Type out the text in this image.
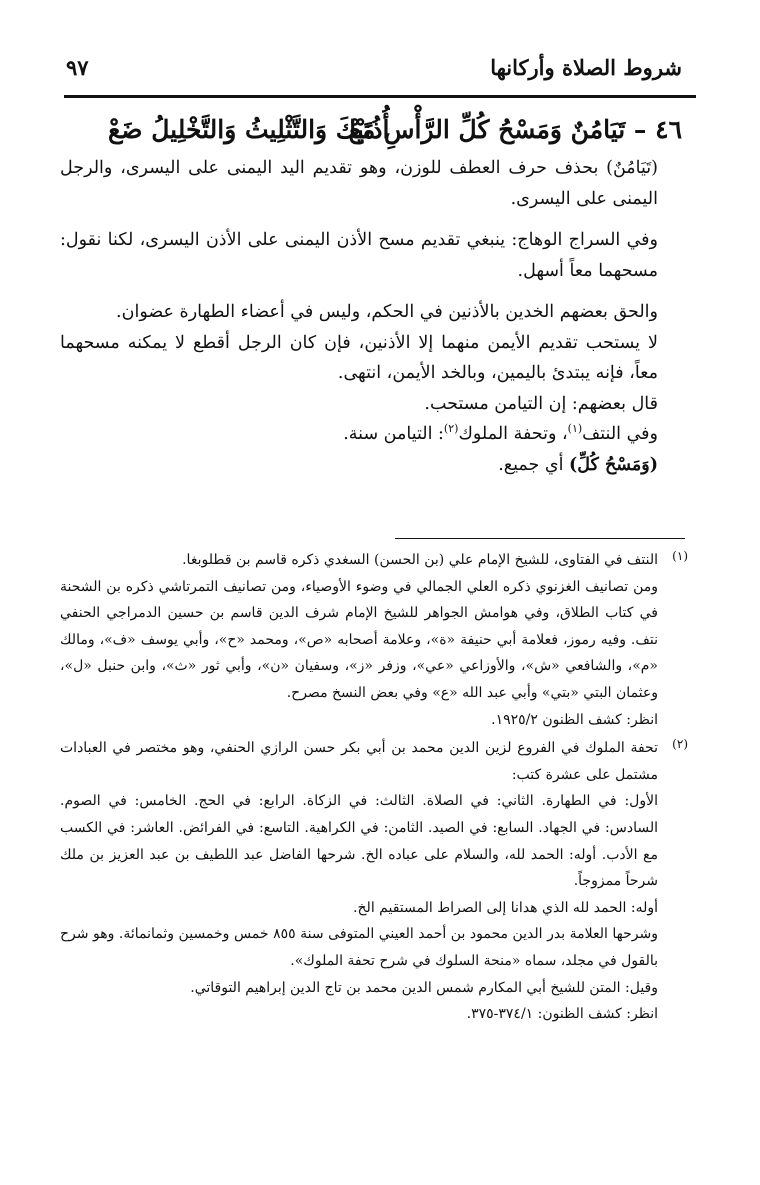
شروط الصلاة وأركانها
٩٧
٤٦ – تَيَامُنٌ وَمَسْحُ كُلِّ الرَّأْسِ مَعْ
أُذُنَيْكَ وَالتَّثْلِيثُ وَالتَّخْلِيلُ ضَعْ

(تَيَامُنٌ) بحذف حرف العطف للوزن، وهو تقديم اليد اليمنى على اليسرى، والرجل اليمنى على اليسرى.

وفي السراج الوهاج: ينبغي تقديم مسح الأذن اليمنى على الأذن اليسرى، لكنا نقول: مسحهما معاً أسهل.

والحق بعضهم الخدين بالأذنين في الحكم، وليس في أعضاء الطهارة عضوان.

لا يستحب تقديم الأيمن منهما إلا الأذنين، فإن كان الرجل أقطع لا يمكنه مسحهما معاً، فإنه يبتدئ باليمين، وبالخد الأيمن، انتهى.

قال بعضهم: إن التيامن مستحب.

وفي النتف$^{(١)}$، وتحفة الملوك$^{(٢)}$: التيامن سنة.

(وَمَسْحُ كُلِّ) أي جميع.

(١)

النتف في الفتاوى، للشيخ الإمام علي (بن الحسن) السغدي ذكره قاسم بن قطلوبغا.

ومن تصانيف الغزنوي ذكره العلي الجمالي في وضوء الأوصياء، ومن تصانيف التمرتاشي ذكره بن الشحنة في كتاب الطلاق، وفي هوامش الجواهر للشيخ الإمام شرف الدين قاسم بن حسين الدمراجي الحنفي نتف. وفيه رموز، فعلامة أبي حنيفة «ة»، وعلامة أصحابه «ص»، ومحمد «ح»، وأبي يوسف «ف»، ومالك «م»، والشافعي «ش»، والأوزاعي «عي»، وزفر «ز»، وسفيان «ن»، وأبي ثور «ث»، وابن حنبل «ل»، وعثمان البتي «بتي» وأبي عبد الله «ع» وفي بعض النسخ مصرح.

انظر: كشف الظنون ١٩٢٥/٢.

(٢)

تحفة الملوك في الفروع لزين الدين محمد بن أبي بكر حسن الرازي الحنفي، وهو مختصر في العبادات مشتمل على عشرة كتب:

الأول: في الطهارة. الثاني: في الصلاة. الثالث: في الزكاة. الرابع: في الحج. الخامس: في الصوم. السادس: في الجهاد. السابع: في الصيد. الثامن: في الكراهية. التاسع: في الفرائض. العاشر: في الكسب مع الأدب. أوله: الحمد لله، والسلام على عباده الخ. شرحها الفاضل عبد اللطيف بن عبد العزيز بن ملك شرحاً ممزوجاً.

أوله: الحمد لله الذي هدانا إلى الصراط المستقيم الخ.

وشرحها العلامة بدر الدين محمود بن أحمد العيني المتوفى سنة ٨٥٥ خمس وخمسين وثمانمائة. وهو شرح بالقول في مجلد، سماه «منحة السلوك في شرح تحفة الملوك».

وقيل: المتن للشيخ أبي المكارم شمس الدين محمد بن تاج الدين إبراهيم التوقاتي.

انظر: كشف الظنون: ٣٧٤/١-٣٧٥.
